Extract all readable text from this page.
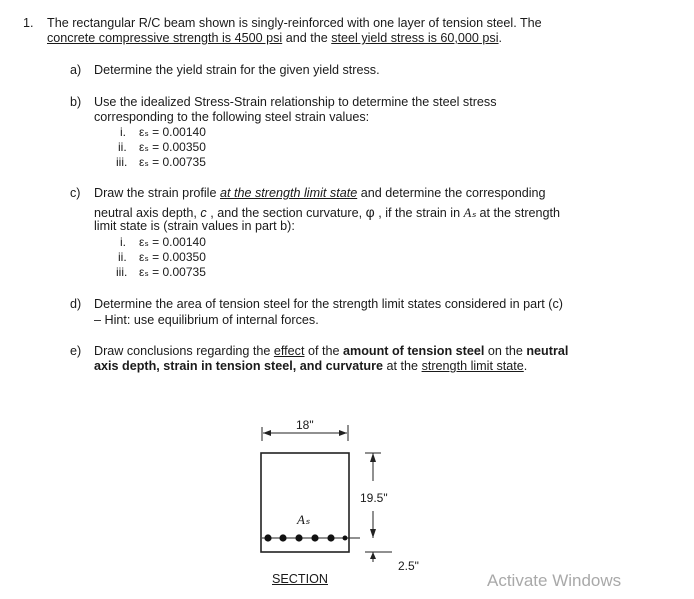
1. The rectangular R/C beam shown is singly-reinforced with one layer of tension steel. The
concrete compressive strength is 4500 psi and the steel yield stress is 60,000 psi.
a) Determine the yield strain for the given yield stress.
b) Use the idealized Stress-Strain relationship to determine the steel stress
corresponding to the following steel strain values:
i. εₛ = 0.00140
ii. εₛ = 0.00350
iii. εₛ = 0.00735
c) Draw the strain profile at the strength limit state and determine the corresponding
neutral axis depth, c , and the section curvature, φ , if the strain in Aₛ at the strength
limit state is (strain values in part b):
i. εₛ = 0.00140
ii. εₛ = 0.00350
iii. εₛ = 0.00735
d) Determine the area of tension steel for the strength limit states considered in part (c)
– Hint: use equilibrium of internal forces.
e) Draw conclusions regarding the effect of the amount of tension steel on the neutral
axis depth, strain in tension steel, and curvature at the strength limit state.
18"
19.5"
2.5"
Aₛ
SECTION	Activate Windows
